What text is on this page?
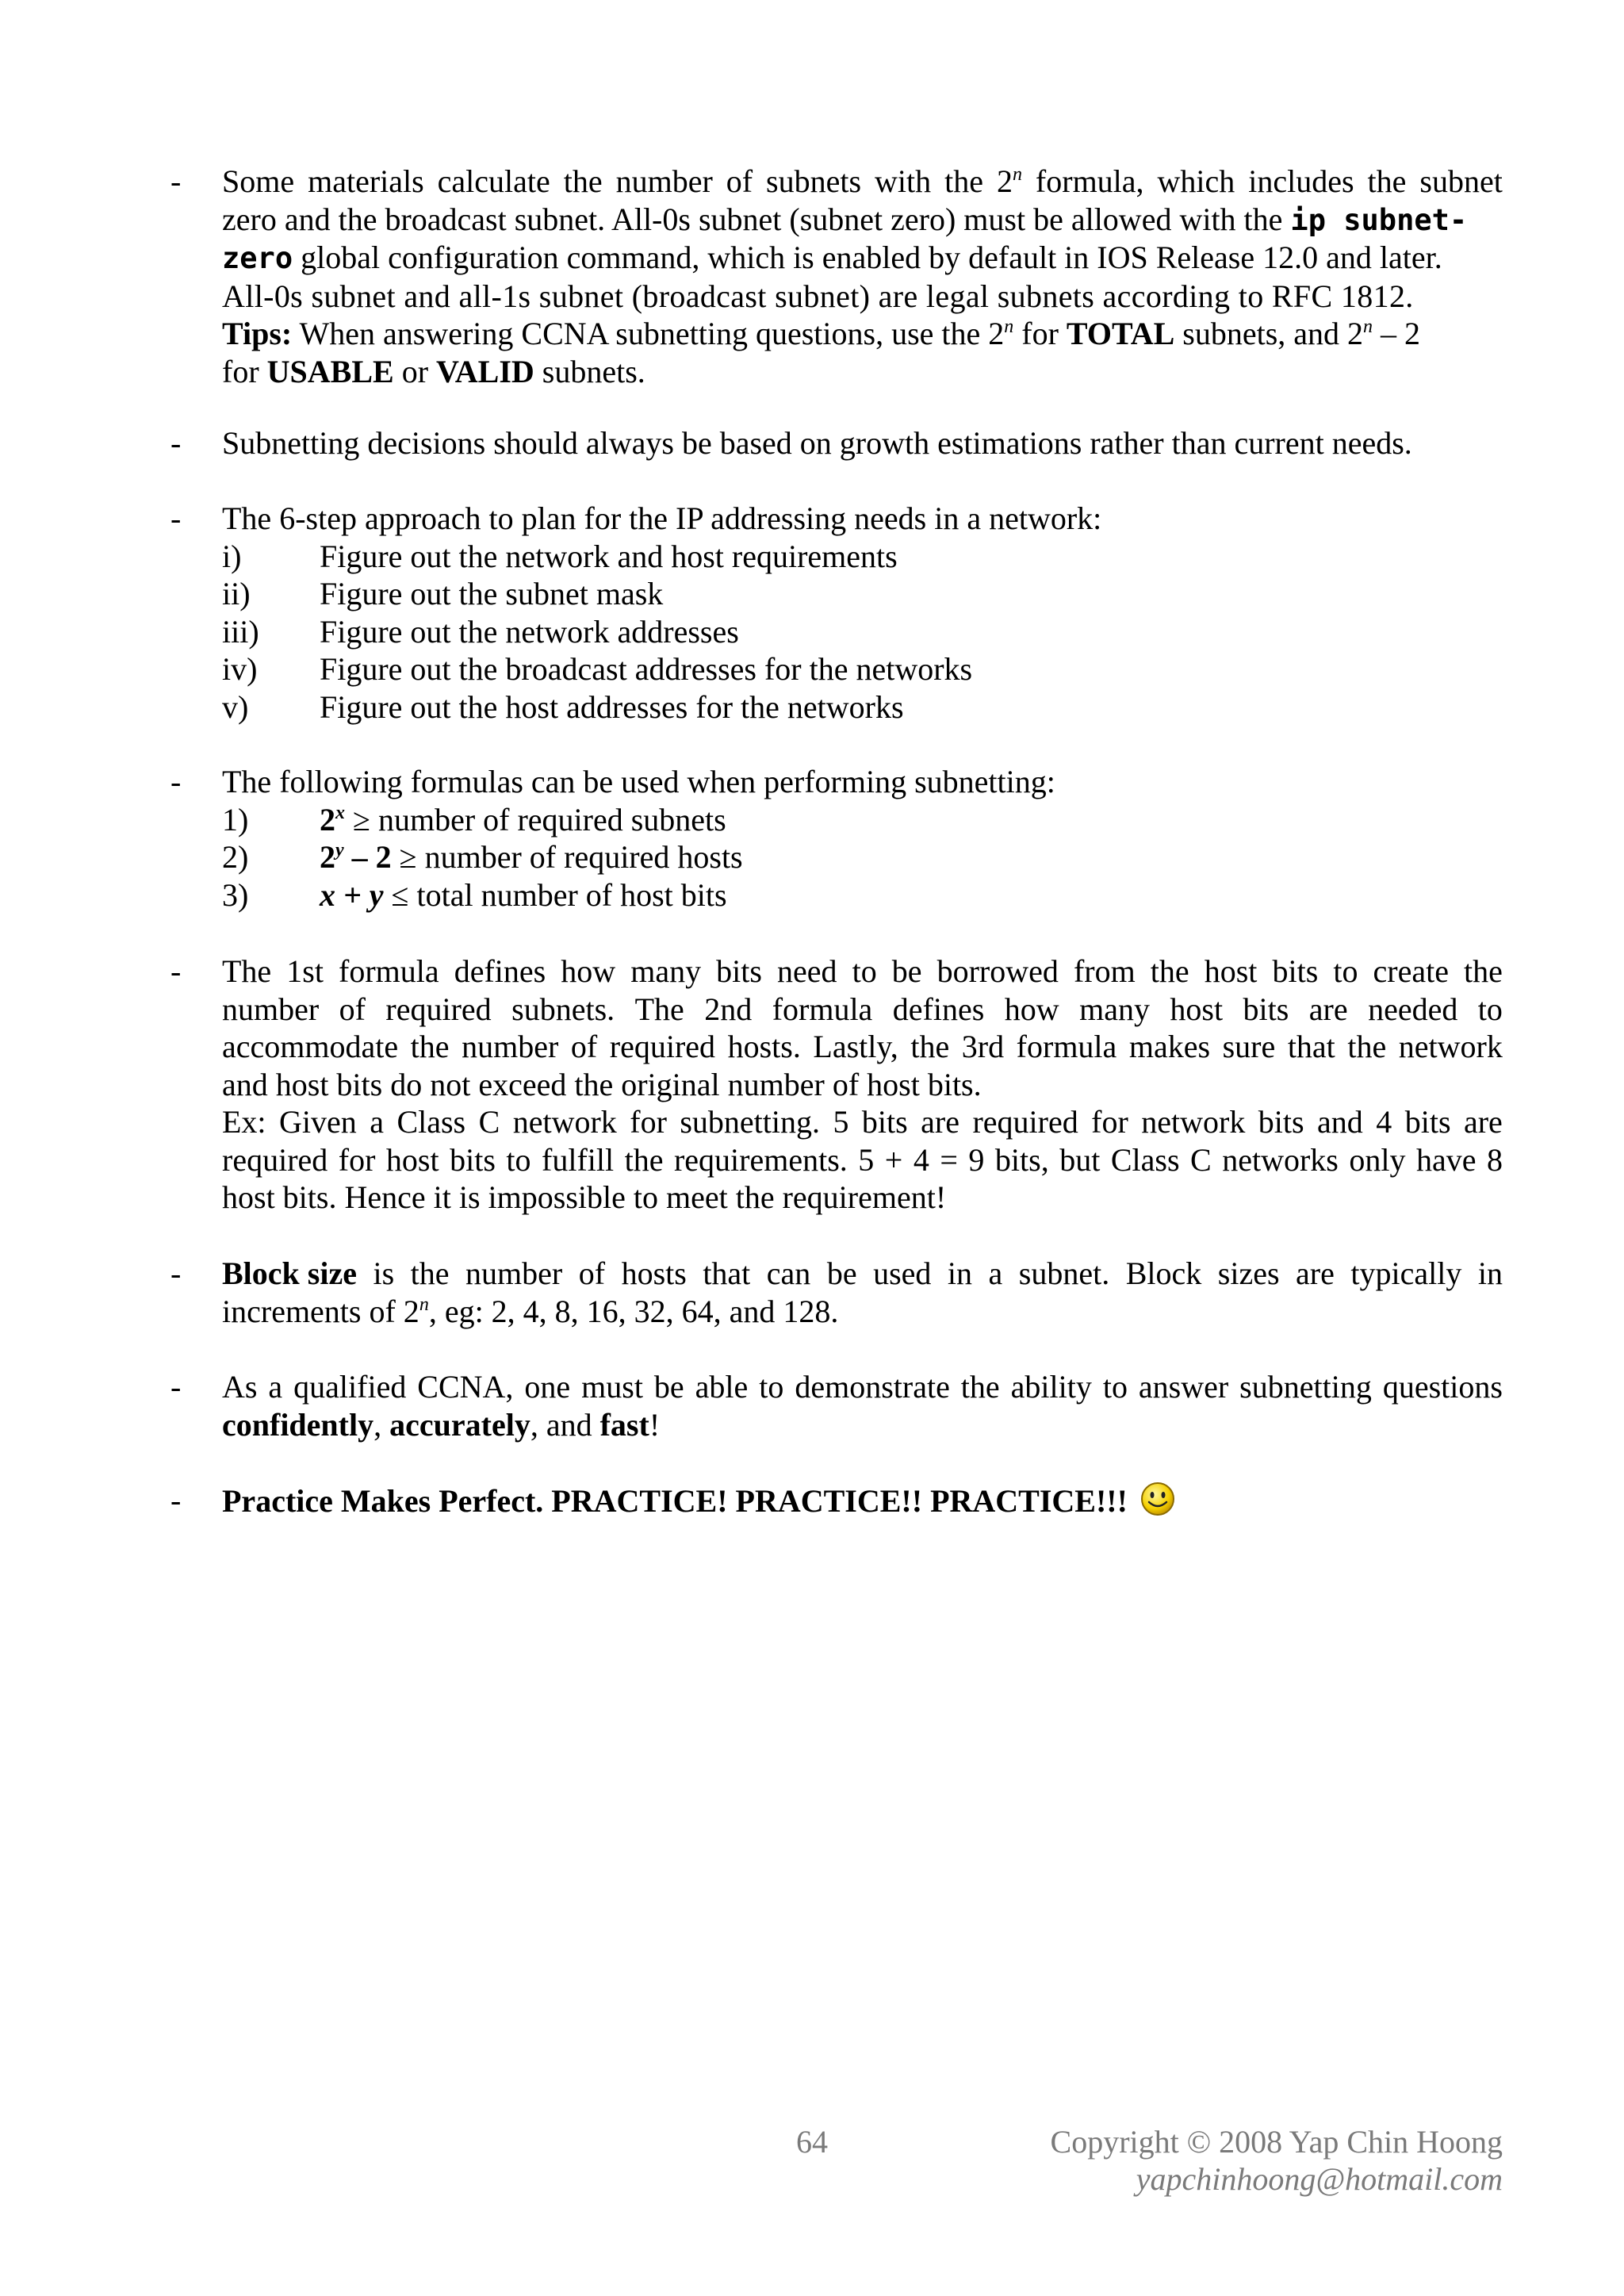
- Some materials calculate the number of subnets with the 2$^n$ formula, which includes the subnet
zero and the broadcast subnet. All-0s subnet (subnet zero) must be allowed with the ip subnet-
zero global configuration command, which is enabled by default in IOS Release 12.0 and later.
All-0s subnet and all-1s subnet (broadcast subnet) are legal subnets according to RFC 1812.
Tips: When answering CCNA subnetting questions, use the 2$^n$ for TOTAL subnets, and 2$^n$ – 2
for USABLE or VALID subnets.
- Subnetting decisions should always be based on growth estimations rather than current needs.
- The 6-step approach to plan for the IP addressing needs in a network:
i) Figure out the network and host requirements
ii) Figure out the subnet mask
iii) Figure out the network addresses
iv) Figure out the broadcast addresses for the networks
v) Figure out the host addresses for the networks
- The following formulas can be used when performing subnetting:
1) $2^x$ ≥ number of required subnets
2) 2$^y$ – 2 ≥ number of required hosts
3) x + y ≤ total number of host bits
- The 1st formula defines how many bits need to be borrowed from the host bits to create the
number of required subnets. The 2nd formula defines how many host bits are needed to
accommodate the number of required hosts. Lastly, the 3rd formula makes sure that the network
and host bits do not exceed the original number of host bits.
Ex: Given a Class C network for subnetting. 5 bits are required for network bits and 4 bits are
required for host bits to fulfill the requirements. 5 + 4 = 9 bits, but Class C networks only have 8
host bits. Hence it is impossible to meet the requirement!
- Block size is the number of hosts that can be used in a subnet. Block sizes are typically in
increments of 2$^n$, eg: 2, 4, 8, 16, 32, 64, and 128.
- As a qualified CCNA, one must be able to demonstrate the ability to answer subnetting questions
confidently, accurately, and fast!
- Practice Makes Perfect. PRACTICE! PRACTICE!! PRACTICE!!!
64	Copyright © 2008 Yap Chin Hoong
yapchinhoong@hotmail.com
